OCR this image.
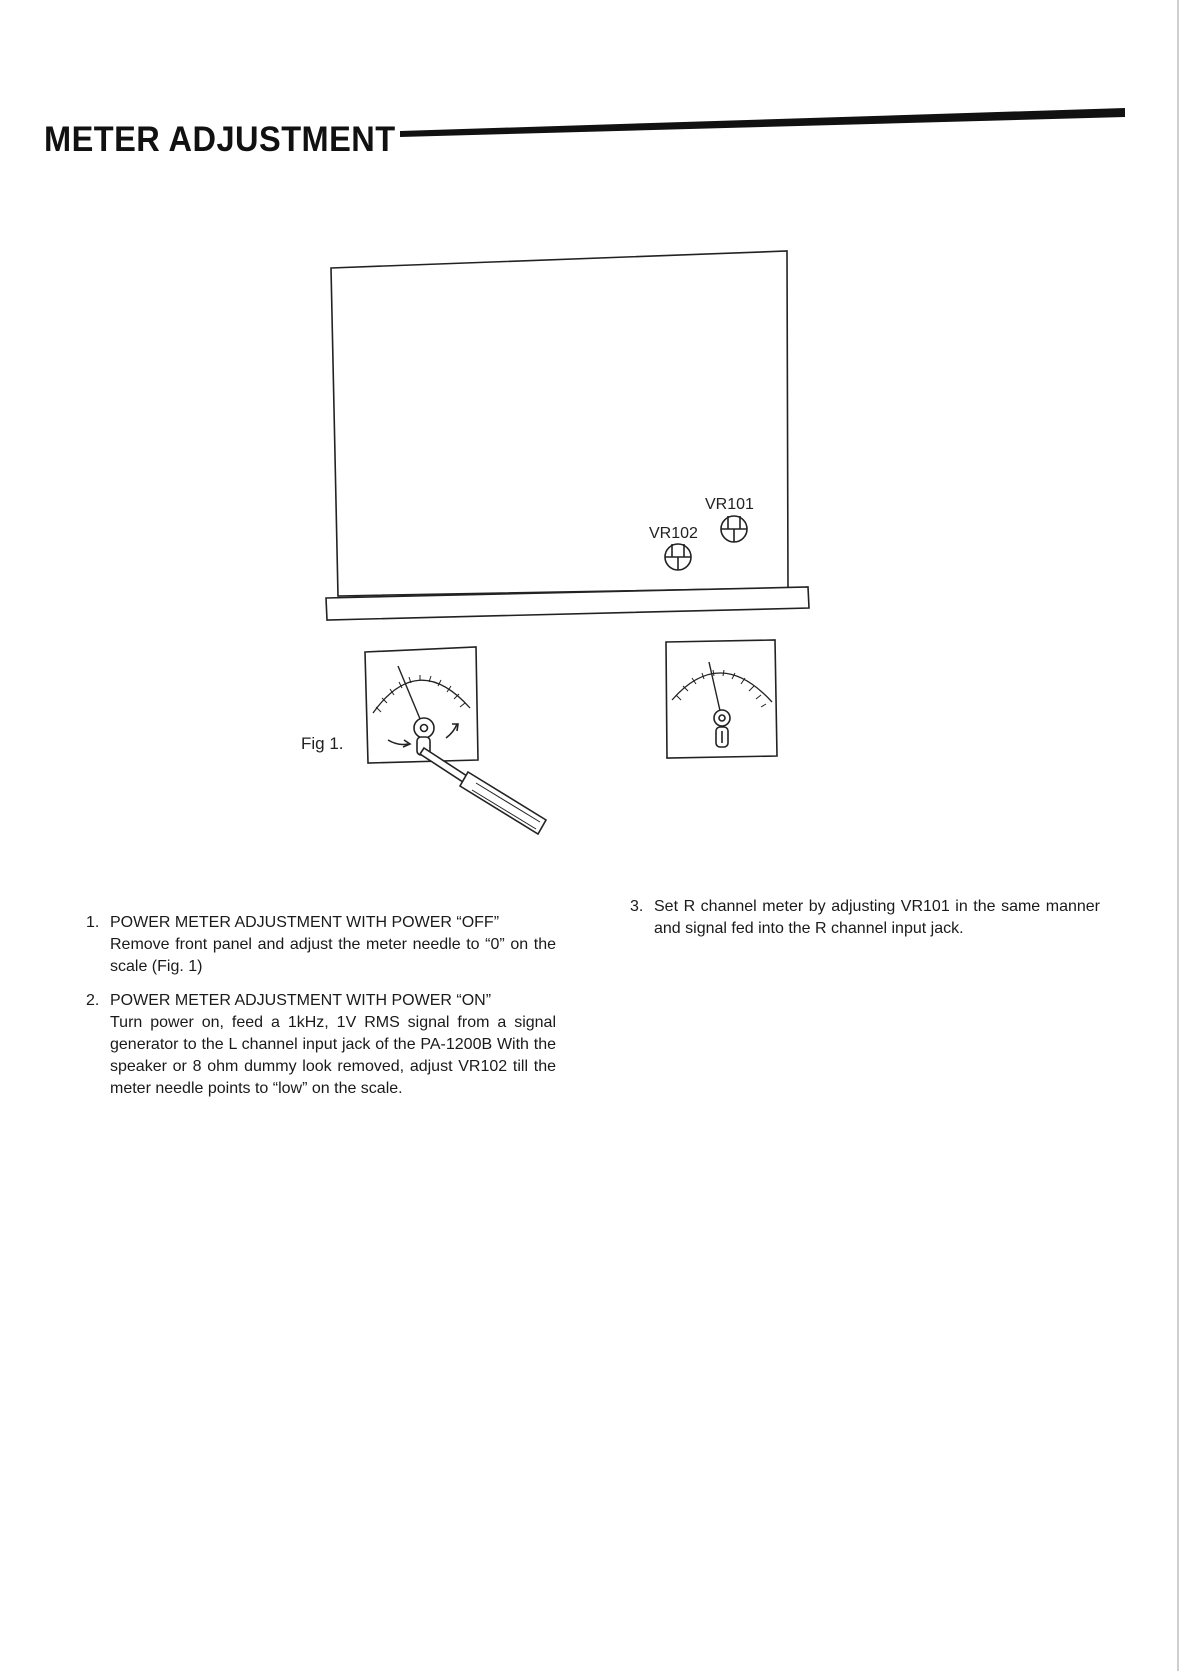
METER ADJUSTMENT
VR101
VR102
Fig 1.
1. POWER METER ADJUSTMENT WITH POWER “OFF”
Remove front panel and adjust the meter needle to “0” on the scale (Fig. 1)
2. POWER METER ADJUSTMENT WITH POWER “ON”
Turn power on, feed a 1kHz, 1V RMS signal from a signal generator to the L channel input jack of the PA-1200B With the speaker or 8 ohm dummy look removed, adjust VR102 till the meter needle points to “low” on the scale.
3. Set R channel meter by adjusting VR101 in the same manner and signal fed into the R channel input jack.
